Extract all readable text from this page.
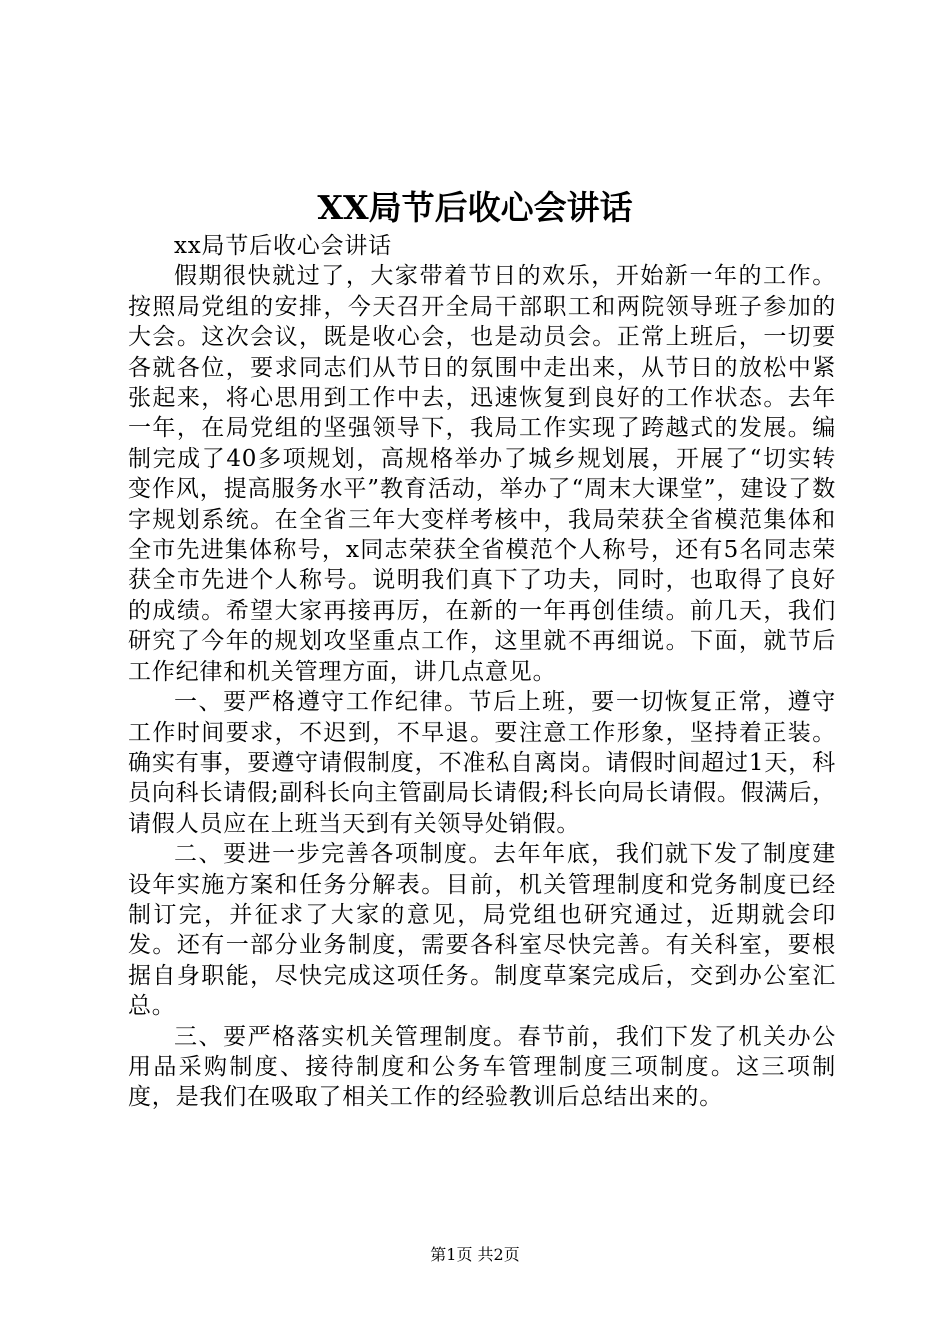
XX局节后收心会讲话

xx局节后收心会讲话

假期很快就过了，大家带着节日的欢乐，开始新一年的工作。按照局党组的安排，今天召开全局干部职工和两院领导班子参加的大会。这次会议，既是收心会，也是动员会。正常上班后，一切要各就各位，要求同志们从节日的氛围中走出来，从节日的放松中紧张起来，将心思用到工作中去，迅速恢复到良好的工作状态。去年一年，在局党组的坚强领导下，我局工作实现了跨越式的发展。编制完成了40多项规划，高规格举办了城乡规划展，开展了“切实转变作风，提高服务水平”教育活动，举办了“周末大课堂”，建设了数字规划系统。在全省三年大变样考核中，我局荣获全省模范集体和全市先进集体称号，x同志荣获全省模范个人称号，还有5名同志荣获全市先进个人称号。说明我们真下了功夫，同时，也取得了良好的成绩。希望大家再接再厉，在新的一年再创佳绩。前几天，我们研究了今年的规划攻坚重点工作，这里就不再细说。下面，就节后工作纪律和机关管理方面，讲几点意见。

一、要严格遵守工作纪律。节后上班，要一切恢复正常，遵守工作时间要求，不迟到，不早退。要注意工作形象，坚持着正装。确实有事，要遵守请假制度，不准私自离岗。请假时间超过1天，科员向科长请假;副科长向主管副局长请假;科长向局长请假。假满后，请假人员应在上班当天到有关领导处销假。

二、要进一步完善各项制度。去年年底，我们就下发了制度建设年实施方案和任务分解表。目前，机关管理制度和党务制度已经制订完，并征求了大家的意见，局党组也研究通过，近期就会印发。还有一部分业务制度，需要各科室尽快完善。有关科室，要根据自身职能，尽快完成这项任务。制度草案完成后，交到办公室汇总。

三、要严格落实机关管理制度。春节前，我们下发了机关办公用品采购制度、接待制度和公务车管理制度三项制度。这三项制度，是我们在吸取了相关工作的经验教训后总结出来的。

第1页 共2页
